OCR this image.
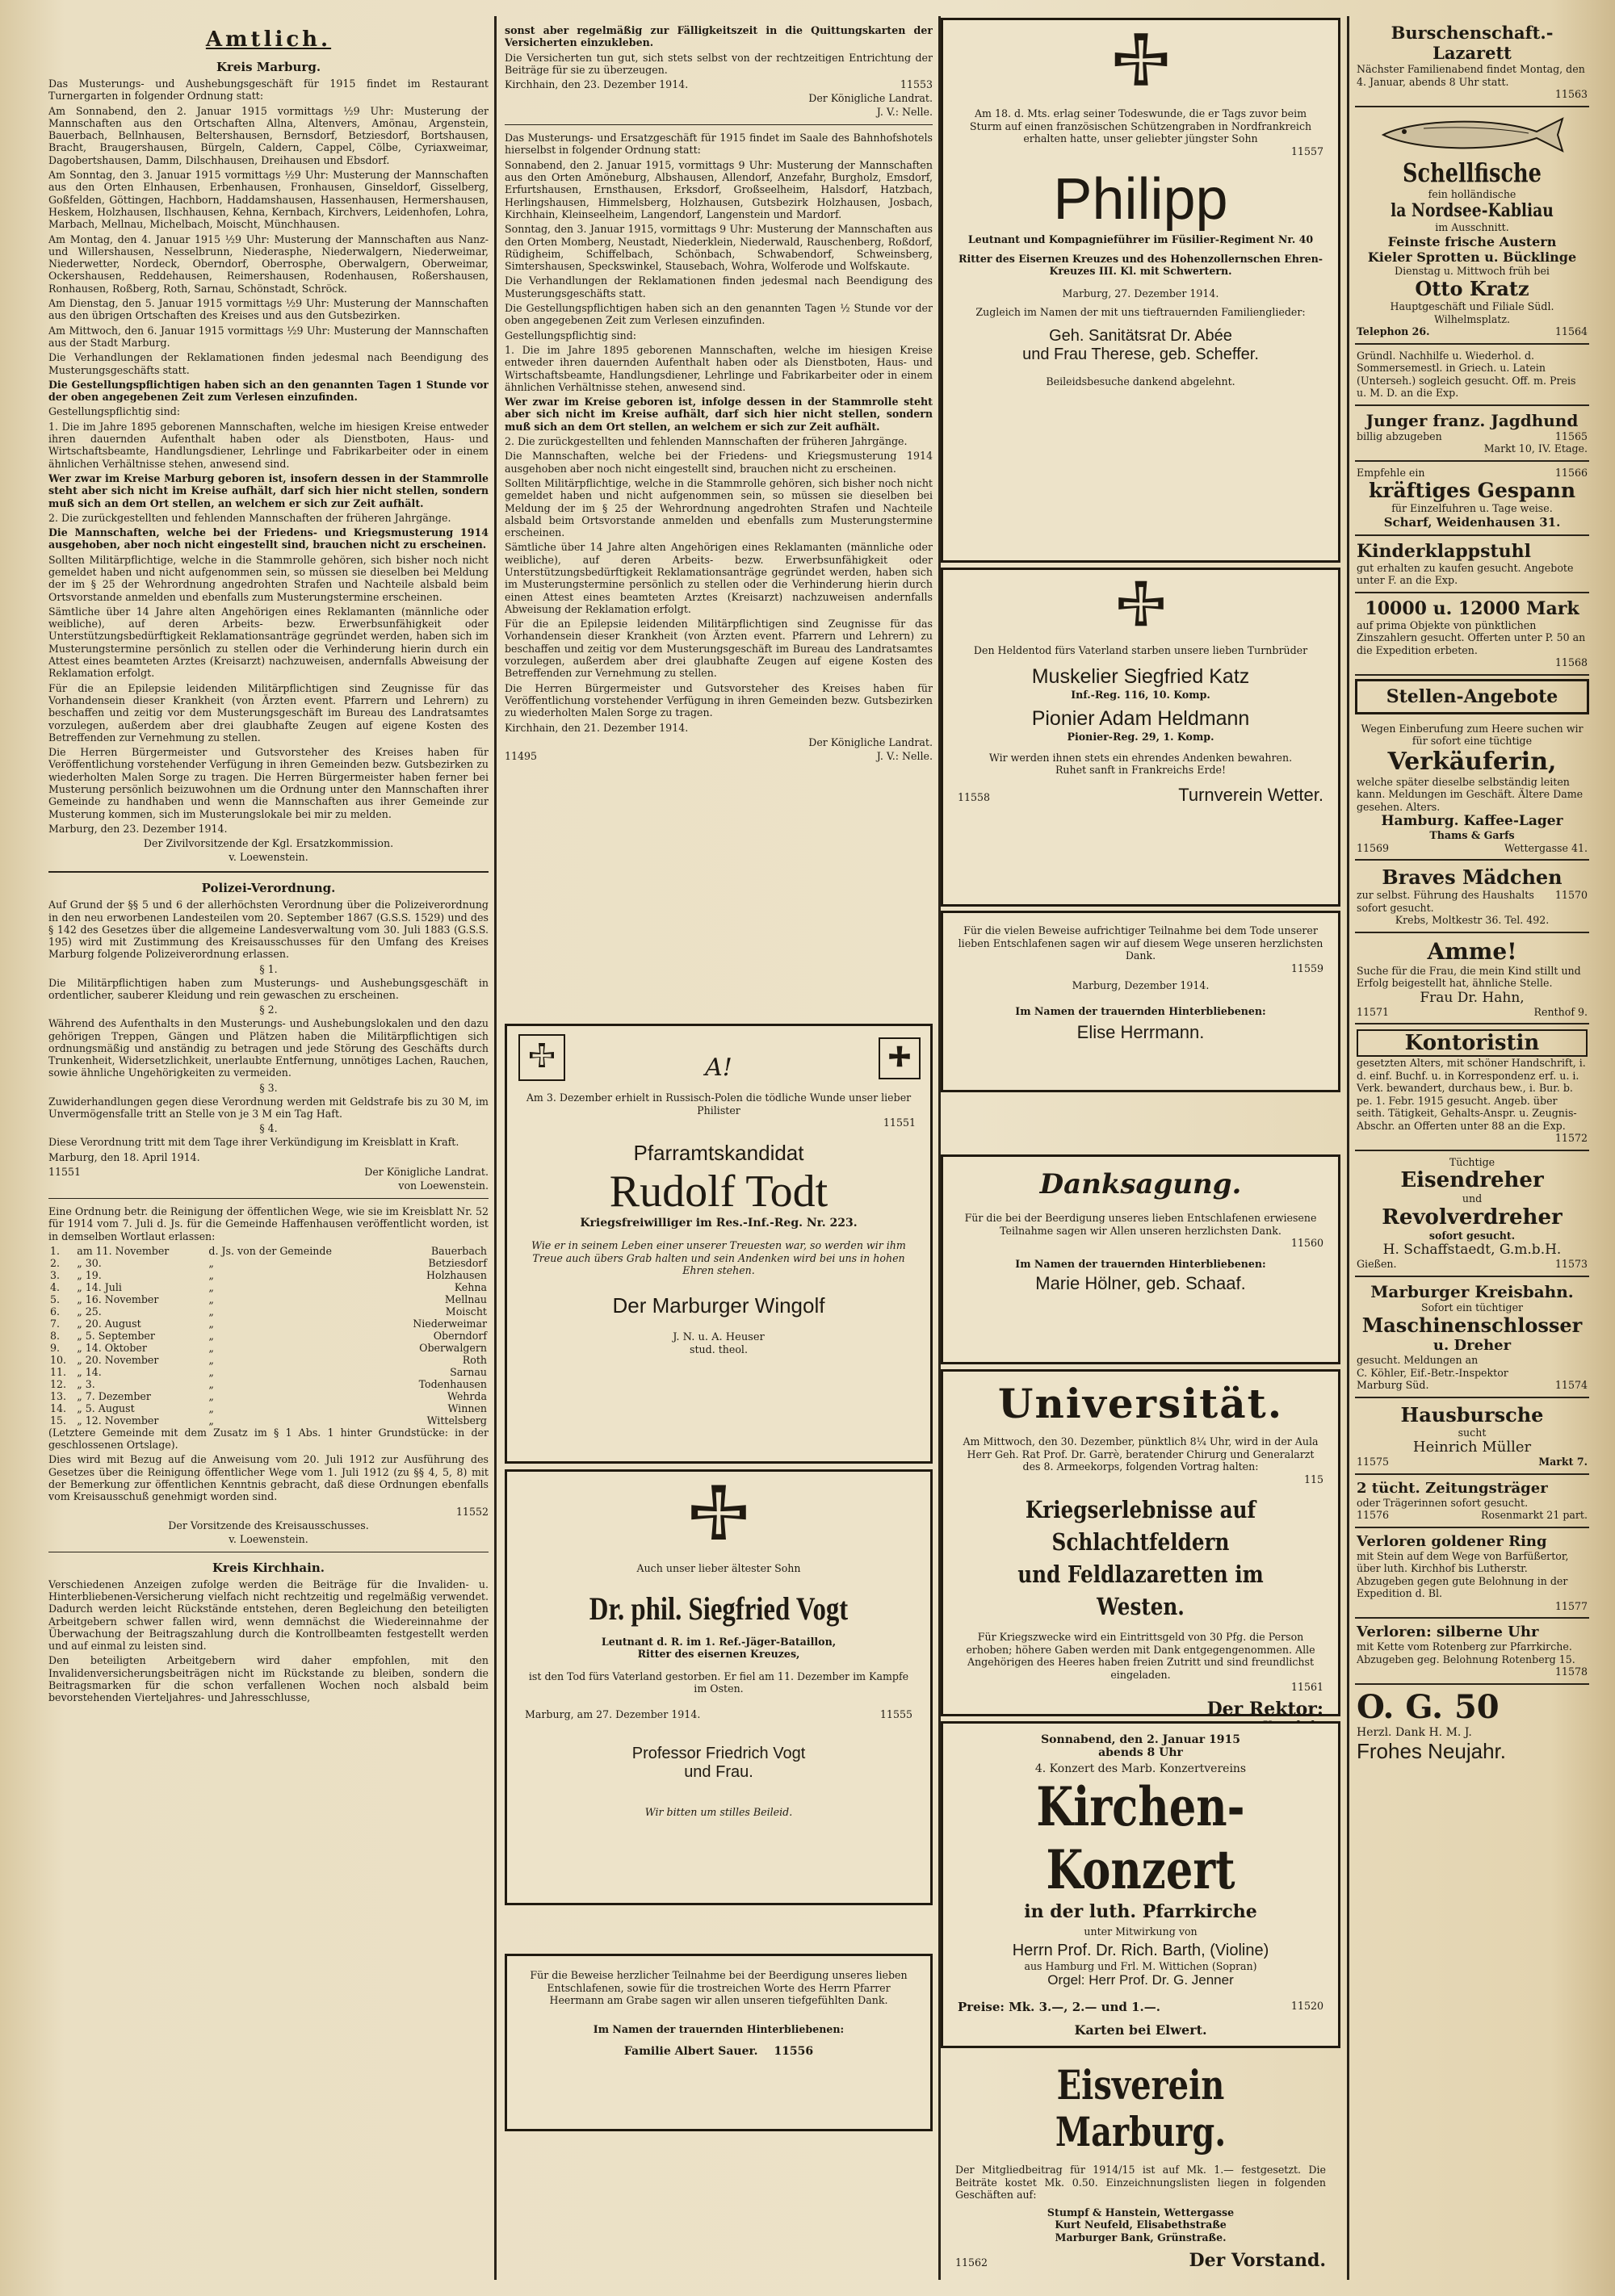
Amtlich.
Kreis Marburg.

Das Musterungs- und Aushebungsgeschäft für 1915 findet im Restaurant Turnergarten in folgender Ordnung statt:

Am Sonnabend, den 2. Januar 1915 vormittags ½9 Uhr: Musterung der Mannschaften aus den Ortschaften Allna, Altenvers, Amönau, Argenstein, Bauerbach, Bellnhausen, Beltershausen, Bernsdorf, Betziesdorf, Bortshausen, Bracht, Braugershausen, Bürgeln, Caldern, Cappel, Cölbe, Cyriaxweimar, Dagobertshausen, Damm, Dilschhausen, Dreihausen und Ebsdorf.

Am Sonntag, den 3. Januar 1915 vormittags ½9 Uhr: Musterung der Mannschaften aus den Orten Elnhausen, Erbenhausen, Fronhausen, Ginseldorf, Gisselberg, Goßfelden, Göttingen, Hachborn, Haddamshausen, Hassenhausen, Hermershausen, Heskem, Holzhausen, Ilschhausen, Kehna, Kernbach, Kirchvers, Leidenhofen, Lohra, Marbach, Mellnau, Michelbach, Moischt, Münchhausen.

Am Montag, den 4. Januar 1915 ½9 Uhr: Musterung der Mannschaften aus Nanz- und Willershausen, Nesselbrunn, Niederasphe, Niederwalgern, Niederweimar, Niederwetter, Nordeck, Oberndorf, Oberrosphe, Oberwalgern, Oberweimar, Ockershausen, Reddehausen, Reimershausen, Rodenhausen, Roßershausen, Ronhausen, Roßberg, Roth, Sarnau, Schönstadt, Schröck.

Am Dienstag, den 5. Januar 1915 vormittags ½9 Uhr: Musterung der Mannschaften aus den übrigen Ortschaften des Kreises und aus den Gutsbezirken.

Am Mittwoch, den 6. Januar 1915 vormittags ½9 Uhr: Musterung der Mannschaften aus der Stadt Marburg.

Die Verhandlungen der Reklamationen finden jedesmal nach Beendigung des Musterungsgeschäfts statt.

Die Gestellungspflichtigen haben sich an den genannten Tagen 1 Stunde vor der oben angegebenen Zeit zum Verlesen einzufinden.

Gestellungspflichtig sind:

1. Die im Jahre 1895 geborenen Mannschaften, welche im hiesigen Kreise entweder ihren dauernden Aufenthalt haben oder als Dienstboten, Haus- und Wirtschaftsbeamte, Handlungsdiener, Lehrlinge und Fabrikarbeiter oder in einem ähnlichen Verhältnisse stehen, anwesend sind.

Wer zwar im Kreise Marburg geboren ist, insofern dessen in der Stammrolle steht aber sich nicht im Kreise aufhält, darf sich hier nicht stellen, sondern muß sich an dem Ort stellen, an welchem er sich zur Zeit aufhält.

2. Die zurückgestellten und fehlenden Mannschaften der früheren Jahrgänge.

Die Mannschaften, welche bei der Friedens- und Kriegsmusterung 1914 ausgehoben, aber noch nicht eingestellt sind, brauchen nicht zu erscheinen.

Sollten Militärpflichtige, welche in die Stammrolle gehören, sich bisher noch nicht gemeldet haben und nicht aufgenommen sein, so müssen sie dieselben bei Meldung der im § 25 der Wehrordnung angedrohten Strafen und Nachteile alsbald beim Ortsvorstande anmelden und ebenfalls zum Musterungstermine erscheinen.

Sämtliche über 14 Jahre alten Angehörigen eines Reklamanten (männliche oder weibliche), auf deren Arbeits- bezw. Erwerbsunfähigkeit oder Unterstützungsbedürftigkeit Reklamationsanträge gegründet werden, haben sich im Musterungstermine persönlich zu stellen oder die Verhinderung hierin durch ein Attest eines beamteten Arztes (Kreisarzt) nachzuweisen, andernfalls Abweisung der Reklamation erfolgt.

Für die an Epilepsie leidenden Militärpflichtigen sind Zeugnisse für das Vorhandensein dieser Krankheit (von Ärzten event. Pfarrern und Lehrern) zu beschaffen und zeitig vor dem Musterungsgeschäft im Bureau des Landratsamtes vorzulegen, außerdem aber drei glaubhafte Zeugen auf eigene Kosten des Betreffenden zur Vernehmung zu stellen.

Die Herren Bürgermeister und Gutsvorsteher des Kreises haben für Veröffentlichung vorstehender Verfügung in ihren Gemeinden bezw. Gutsbezirken zu wiederholten Malen Sorge zu tragen. Die Herren Bürgermeister haben ferner bei Musterung persönlich beizuwohnen um die Ordnung unter den Mannschaften ihrer Gemeinde zu handhaben und wenn die Mannschaften aus ihrer Gemeinde zur Musterung kommen, sich im Musterungslokale bei mir zu melden.

Marburg, den 23. Dezember 1914.

Der Zivilvorsitzende der Kgl. Ersatzkommission.

v. Loewenstein.

Polizei-Verordnung.

Auf Grund der §§ 5 und 6 der allerhöchsten Verordnung über die Polizeiverordnung in den neu erworbenen Landesteilen vom 20. September 1867 (G.S.S. 1529) und des § 142 des Gesetzes über die allgemeine Landesverwaltung vom 30. Juli 1883 (G.S.S. 195) wird mit Zustimmung des Kreisausschusses für den Umfang des Kreises Marburg folgende Polizeiverordnung erlassen.

§ 1.

Die Militärpflichtigen haben zum Musterungs- und Aushebungsgeschäft in ordentlicher, sauberer Kleidung und rein gewaschen zu erscheinen.

§ 2.

Während des Aufenthalts in den Musterungs- und Aushebungslokalen und den dazu gehörigen Treppen, Gängen und Plätzen haben die Militärpflichtigen sich ordnungsmäßig und anständig zu betragen und jede Störung des Geschäfts durch Trunkenheit, Widersetzlichkeit, unerlaubte Entfernung, unnötiges Lachen, Rauchen, sowie ähnliche Ungehörigkeiten zu vermeiden.

§ 3.

Zuwiderhandlungen gegen diese Verordnung werden mit Geldstrafe bis zu 30 M, im Unvermögensfalle tritt an Stelle von je 3 M ein Tag Haft.

§ 4.

Diese Verordnung tritt mit dem Tage ihrer Verkündigung im Kreisblatt in Kraft.

Marburg, den 18. April 1914.

11551	Der Königliche Landrat.

von Loewenstein.

Eine Ordnung betr. die Reinigung der öffentlichen Wege, wie sie im Kreisblatt Nr. 52 für 1914 vom 7. Juli d. Js. für die Gemeinde Haffenhausen veröffentlicht worden, ist in demselben Wortlaut erlassen:

1.	am 11. November	d. Js. von der Gemeinde	Bauerbach
2.	„ 30.	„	Betziesdorf
3.	„ 19.	„	Holzhausen
4.	„ 14. Juli	„	Kehna
5.	„ 16. November	„	Mellnau
6.	„ 25.	„	Moischt
7.	„ 20. August	„	Niederweimar
8.	„ 5. September	„	Oberndorf
9.	„ 14. Oktober	„	Oberwalgern
10.	„ 20. November	„	Roth
11.	„ 14.	„	Sarnau
12.	„ 3.	„	Todenhausen
13.	„ 7. Dezember	„	Wehrda
14.	„ 5. August	„	Winnen
15.	„ 12. November	„	Wittelsberg

(Letztere Gemeinde mit dem Zusatz im § 1 Abs. 1 hinter Grundstücke: in der geschlossenen Ortslage).

Dies wird mit Bezug auf die Anweisung vom 20. Juli 1912 zur Ausführung des Gesetzes über die Reinigung öffentlicher Wege vom 1. Juli 1912 (zu §§ 4, 5, 8) mit der Bemerkung zur öffentlichen Kenntnis gebracht, daß diese Ordnungen ebenfalls vom Kreisausschuß genehmigt worden sind.

11552

Der Vorsitzende des Kreisausschusses.

v. Loewenstein.

Kreis Kirchhain.

Verschiedenen Anzeigen zufolge werden die Beiträge für die Invaliden- u. Hinterbliebenen-Versicherung vielfach nicht rechtzeitig und regelmäßig verwendet. Dadurch werden leicht Rückstände entstehen, deren Begleichung den beteiligten Arbeitgebern schwer fallen wird, wenn demnächst die Wiedereinnahme der Überwachung der Beitragszahlung durch die Kontrollbeamten festgestellt werden und auf einmal zu leisten sind.

Den beteiligten Arbeitgebern wird daher empfohlen, mit den Invalidenversicherungsbeiträgen nicht im Rückstande zu bleiben, sondern die Beitragsmarken für die schon verfallenen Wochen noch alsbald beim bevorstehenden Vierteljahres- und Jahresschlusse,

sonst aber regelmäßig zur Fälligkeitszeit in die Quittungskarten der Versicherten einzukleben.

Die Versicherten tun gut, sich stets selbst von der rechtzeitigen Entrichtung der Beiträge für sie zu überzeugen.

Kirchhain, den 23. Dezember 1914.	11553

Der Königliche Landrat.

J. V.: Nelle.

Das Musterungs- und Ersatzgeschäft für 1915 findet im Saale des Bahnhofshotels hierselbst in folgender Ordnung statt:

Sonnabend, den 2. Januar 1915, vormittags 9 Uhr: Musterung der Mannschaften aus den Orten Amöneburg, Albshausen, Allendorf, Anzefahr, Burgholz, Emsdorf, Erfurtshausen, Ernsthausen, Erksdorf, Großseelheim, Halsdorf, Hatzbach, Herlingshausen, Himmelsberg, Holzhausen, Gutsbezirk Holzhausen, Josbach, Kirchhain, Kleinseelheim, Langendorf, Langenstein und Mardorf.

Sonntag, den 3. Januar 1915, vormittags 9 Uhr: Musterung der Mannschaften aus den Orten Momberg, Neustadt, Niederklein, Niederwald, Rauschenberg, Roßdorf, Rüdigheim, Schiffelbach, Schönbach, Schwabendorf, Schweinsberg, Simtershausen, Speckswinkel, Stausebach, Wohra, Wolferode und Wolfskaute.

Die Verhandlungen der Reklamationen finden jedesmal nach Beendigung des Musterungsgeschäfts statt.

Die Gestellungspflichtigen haben sich an den genannten Tagen ½ Stunde vor der oben angegebenen Zeit zum Verlesen einzufinden.

Gestellungspflichtig sind:

1. Die im Jahre 1895 geborenen Mannschaften, welche im hiesigen Kreise entweder ihren dauernden Aufenthalt haben oder als Dienstboten, Haus- und Wirtschaftsbeamte, Handlungsdiener, Lehrlinge und Fabrikarbeiter oder in einem ähnlichen Verhältnisse stehen, anwesend sind.

Wer zwar im Kreise geboren ist, infolge dessen in der Stammrolle steht aber sich nicht im Kreise aufhält, darf sich hier nicht stellen, sondern muß sich an dem Ort stellen, an welchem er sich zur Zeit aufhält.

2. Die zurückgestellten und fehlenden Mannschaften der früheren Jahrgänge.

Die Mannschaften, welche bei der Friedens- und Kriegsmusterung 1914 ausgehoben aber noch nicht eingestellt sind, brauchen nicht zu erscheinen.

Sollten Militärpflichtige, welche in die Stammrolle gehören, sich bisher noch nicht gemeldet haben und nicht aufgenommen sein, so müssen sie dieselben bei Meldung der im § 25 der Wehrordnung angedrohten Strafen und Nachteile alsbald beim Ortsvorstande anmelden und ebenfalls zum Musterungstermine erscheinen.

Sämtliche über 14 Jahre alten Angehörigen eines Reklamanten (männliche oder weibliche), auf deren Arbeits- bezw. Erwerbsunfähigkeit oder Unterstützungsbedürftigkeit Reklamationsanträge gegründet werden, haben sich im Musterungstermine persönlich zu stellen oder die Verhinderung hierin durch einen Attest eines beamteten Arztes (Kreisarzt) nachzuweisen andernfalls Abweisung der Reklamation erfolgt.

Für die an Epilepsie leidenden Militärpflichtigen sind Zeugnisse für das Vorhandensein dieser Krankheit (von Ärzten event. Pfarrern und Lehrern) zu beschaffen und zeitig vor dem Musterungsgeschäft im Bureau des Landratsamtes vorzulegen, außerdem aber drei glaubhafte Zeugen auf eigene Kosten des Betreffenden zur Vernehmung zu stellen.

Die Herren Bürgermeister und Gutsvorsteher des Kreises haben für Veröffentlichung vorstehender Verfügung in ihren Gemeinden bezw. Gutsbezirken zu wiederholten Malen Sorge zu tragen.

Kirchhain, den 21. Dezember 1914.

Der Königliche Landrat.

11495	J. V.: Nelle.
A!

Am 3. Dezember erhielt in Russisch-Polen die tödliche Wunde unser lieber Philister

11551

Pfarramtskandidat

Rudolf Todt

Kriegsfreiwilliger im Res.-Inf.-Reg. Nr. 223.

Wie er in seinem Leben einer unserer Treuesten war, so werden wir ihm Treue auch übers Grab halten und sein Andenken wird bei uns in hohen Ehren stehen.

Der Marburger Wingolf

J. N. u. A. Heuser

stud. theol.

Auch unser lieber ältester Sohn

Dr. phil. Siegfried Vogt

Leutnant d. R. im 1. Ref.-Jäger-Bataillon,

Ritter des eisernen Kreuzes,

ist den Tod fürs Vaterland gestorben. Er fiel am 11. Dezember im Kampfe im Osten.

Marburg, am 27. Dezember 1914.	11555

Professor Friedrich Vogt

und Frau.

Wir bitten um stilles Beileid.

Für die Beweise herzlicher Teilnahme bei der Beerdigung unseres lieben Entschlafenen, sowie für die trostreichen Worte des Herrn Pfarrer Heermann am Grabe sagen wir allen unseren tiefgefühlten Dank.

Im Namen der trauernden Hinterbliebenen:

Familie Albert Sauer. 11556

Am 18. d. Mts. erlag seiner Todeswunde, die er Tags zuvor beim Sturm auf einen französischen Schützengraben in Nordfrankreich erhalten hatte, unser geliebter jüngster Sohn

11557

Philipp

Leutnant und Kompagnieführer im Füsilier-Regiment Nr. 40

Ritter des Eisernen Kreuzes und des Hohenzollernschen Ehren-Kreuzes III. Kl. mit Schwertern.

Marburg, 27. Dezember 1914.

Zugleich im Namen der mit uns tieftrauernden Familienglieder:

Geh. Sanitätsrat Dr. Abée

und Frau Therese, geb. Scheffer.

Beileidsbesuche dankend abgelehnt.

Den Heldentod fürs Vaterland starben unsere lieben Turnbrüder

Muskelier Siegfried Katz

Inf.-Reg. 116, 10. Komp.

Pionier Adam Heldmann

Pionier-Reg. 29, 1. Komp.

Wir werden ihnen stets ein ehrendes Andenken bewahren.

Ruhet sanft in Frankreichs Erde!

11558	Turnverein Wetter.

Für die vielen Beweise aufrichtiger Teilnahme bei dem Tode unserer lieben Entschlafenen sagen wir auf diesem Wege unseren herzlichsten Dank.

11559

Marburg, Dezember 1914.

Im Namen der trauernden Hinterbliebenen:

Elise Herrmann.

Danksagung.

Für die bei der Beerdigung unseres lieben Entschlafenen erwiesene Teilnahme sagen wir Allen unseren herzlichsten Dank.

11560

Im Namen der trauernden Hinterbliebenen:

Marie Hölner, geb. Schaaf.

Universität.

Am Mittwoch, den 30. Dezember, pünktlich 8¼ Uhr, wird in der Aula Herr Geh. Rat Prof. Dr. Garrè, beratender Chirurg und Generalarzt des 8. Armeekorps, folgenden Vortrag halten:

115

Kriegserlebnisse auf Schlachtfeldern

und Feldlazaretten im Westen.

Für Kriegszwecke wird ein Eintrittsgeld von 30 Pfg. die Person erhoben; höhere Gaben werden mit Dank entgegengenommen. Alle Angehörigen des Heeres haben freien Zutritt und sind freundlichst eingeladen.

11561

Der Rektor:

Sonnabend, den 2. Januar 1915

abends 8 Uhr

4. Konzert des Marb. Konzertvereins

Kirchen-Konzert

in der luth. Pfarrkirche

unter Mitwirkung von

Herrn Prof. Dr. Rich. Barth, (Violine)

aus Hamburg und Frl. M. Wittichen (Sopran)

Orgel: Herr Prof. Dr. G. Jenner

Preise: Mk. 3.—, 2.— und 1.—.	11520

Karten bei Elwert.

Eisverein Marburg.

Der Mitgliedbeitrag für 1914/15 ist auf Mk. 1.— festgesetzt. Die Beiträte kostet Mk. 0.50. Einzeichnungslisten liegen in folgenden Geschäften auf:

Stumpf & Hanstein, Wettergasse

Kurt Neufeld, Elisabethstraße

Marburger Bank, Grünstraße.

11562	Der Vorstand.

Burschenschaft.-Lazarett

Nächster Familienabend findet Montag, den 4. Januar, abends 8 Uhr statt.

11563

Schellfische

fein holländische

la Nordsee-Kabliau

im Ausschnitt.

Feinste frische Austern

Kieler Sprotten u. Bücklinge

Dienstag u. Mittwoch früh bei

Otto Kratz

Hauptgeschäft und Filiale Südl. Wilhelmsplatz.

Telephon 26.	11564

Gründl. Nachhilfe u. Wiederhol. d. Sommersemestl. in Griech. u. Latein (Unterseh.) sogleich gesucht. Off. m. Preis u. M. D. an die Exp.

Junger franz. Jagdhund

billig abzugeben	11565

Markt 10, IV. Etage.

Empfehle ein	11566

kräftiges Gespann

für Einzelfuhren u. Tage weise.

Scharf, Weidenhausen 31.

Kinderklappstuhl

gut erhalten zu kaufen gesucht. Angebote unter F. an die Exp.

10000 u. 12000 Mark

auf prima Objekte von pünktlichen Zinszahlern gesucht. Offerten unter P. 50 an die Expedition erbeten.

11568

Stellen-Angebote

Wegen Einberufung zum Heere suchen wir für sofort eine tüchtige

Verkäuferin,

welche später dieselbe selbständig leiten kann. Meldungen im Geschäft. Ältere Dame gesehen. Alters.

Hamburg. Kaffee-Lager

Thams & Garfs

11569	Wettergasse 41.

Braves Mädchen

zur selbst. Führung des Haushalts sofort gesucht.
11570

Krebs, Moltkestr 36. Tel. 492.

Amme!

Suche für die Frau, die mein Kind stillt und Erfolg beigestellt hat, ähnliche Stelle.

Frau Dr. Hahn,

11571	Renthof 9.

Kontoristin

gesetzten Alters, mit schöner Handschrift, i. d. einf. Buchf. u. in Korrespondenz erf. u. i. Verk. bewandert, durchaus bew., i. Bur. b. pe. 1. Febr. 1915 gesucht. Angeb. über seith. Tätigkeit, Gehalts-Anspr. u. Zeugnis-Abschr. an Offerten unter 88 an die Exp.

11572

Tüchtige

Eisendreher

und

Revolverdreher

sofort gesucht.

H. Schaffstaedt, G.m.b.H.

Gießen.	11573

Marburger Kreisbahn.

Sofort ein tüchtiger

Maschinenschlosser

u. Dreher

gesucht. Meldungen an

C. Köhler, Eif.-Betr.-Inspektor

Marburg Süd.	11574

Hausbursche

sucht

Heinrich Müller

11575	Markt 7.

2 tücht. Zeitungsträger

oder Trägerinnen sofort gesucht.

11576	Rosenmarkt 21 part.

Verloren goldener Ring

mit Stein auf dem Wege von Barfüßertor, über luth. Kirchhof bis Lutherstr. Abzugeben gegen gute Belohnung in der Expedition d. Bl.

11577

Verloren: silberne Uhr

mit Kette vom Rotenberg zur Pfarrkirche. Abzugeben geg. Belohnung Rotenberg 15.

11578

O. G. 50

Herzl. Dank H. M. J.

Frohes Neujahr.
